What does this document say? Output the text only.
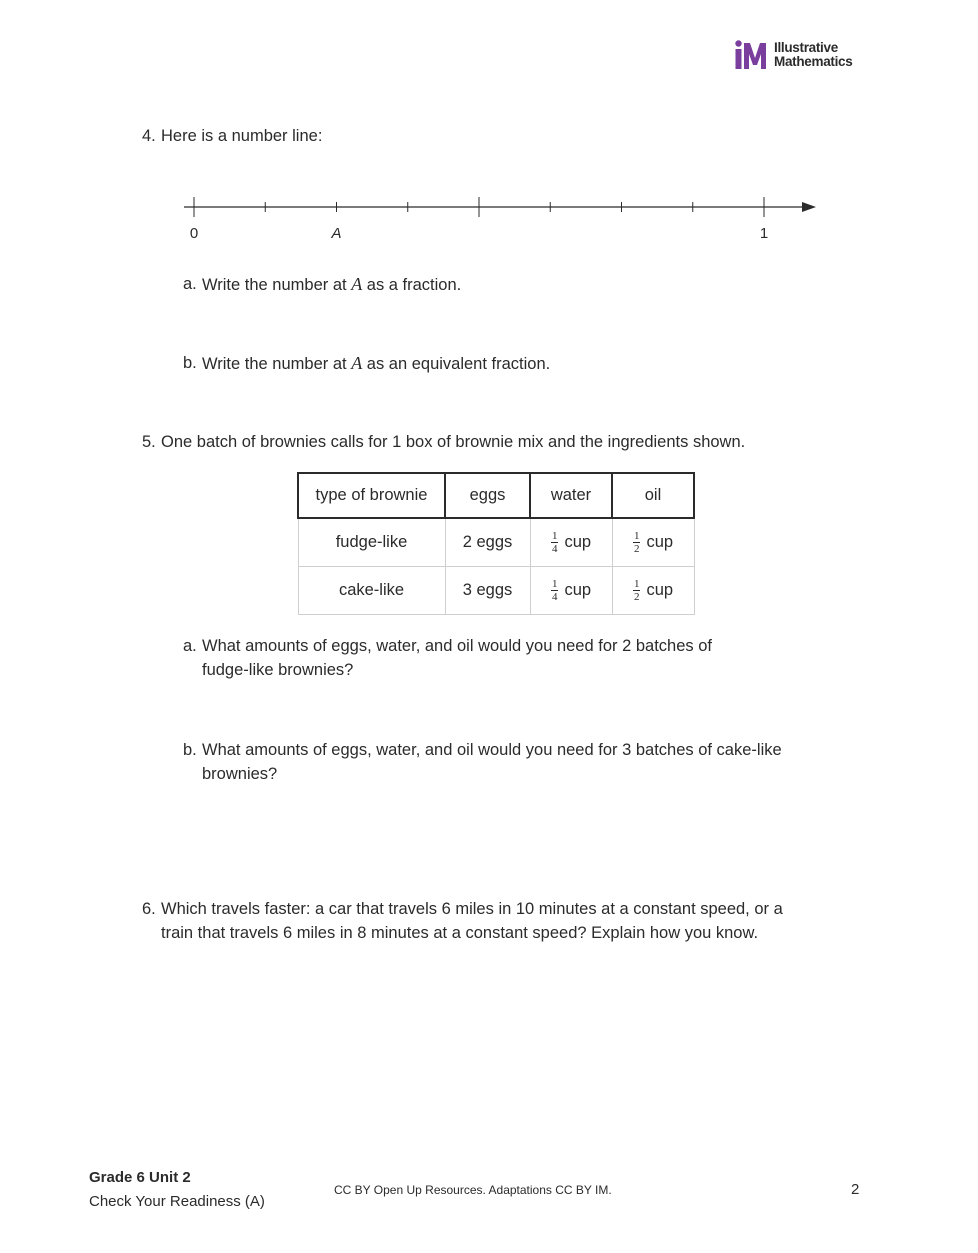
Illustrative
Mathematics
4. Here is a number line:
0	A	1
a. Write the number at A as a fraction.
b. Write the number at A as an equivalent fraction.
5. One batch of brownies calls for 1 box of brownie mix and the ingredients shown.
type of brownie	eggs	water	oil
fudge-like	2 eggs	$\frac{1}{4}$ cup	$\frac{1}{2}$ cup
cake-like	3 eggs	$\frac{1}{4}$ cup	$\frac{1}{2}$ cup
a. What amounts of eggs, water, and oil would you need for 2 batches of
fudge-like brownies?
b. What amounts of eggs, water, and oil would you need for 3 batches of cake-like
brownies?
6. Which travels faster: a car that travels 6 miles in 10 minutes at a constant speed, or a
train that travels 6 miles in 8 minutes at a constant speed? Explain how you know.
Grade 6 Unit 2
Check Your Readiness (A)
CC BY Open Up Resources. Adaptations CC BY IM.	2
